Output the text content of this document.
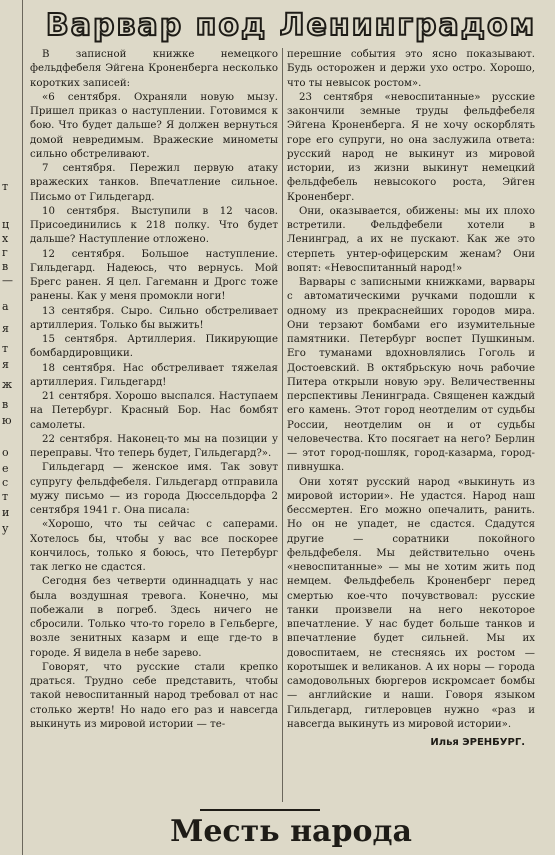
т
ц
х
г
в
—
а
я
т
я
ж
в
ю
о
е
с
т
и
у
Варвар под Ленинградом

В записной книжке немецкого фельдфебеля Эйгена Кроненберга несколько коротких записей:

«6 сентября. Охраняли новую мызу. Пришел приказ о наступлении. Готовимся к бою. Что будет дальше? Я должен вернуться домой невредимым. Вражеские минометы сильно обстреливают.

7 сентября. Пережил первую атаку вражеских танков. Впечатление сильное. Письмо от Гильдегард.

10 сентября. Выступили в 12 часов. Присоединились к 218 полку. Что будет дальше? Наступление отложено.

12 сентября. Большое наступление. Гильдегард. Надеюсь, что вернусь. Мой Брегс ранен. Я цел. Гагеманн и Дрогс тоже ранены. Как у меня промокли ноги!

13 сентября. Сыро. Сильно обстреливает артиллерия. Только бы выжить!

15 сентября. Артиллерия. Пикирующие бомбардировщики.

18 сентября. Нас обстреливает тяжелая артиллерия. Гильдегард!

21 сентября. Хорошо выспался. Наступаем на Петербург. Красный Бор. Нас бомбят самолеты.

22 сентября. Наконец-то мы на позиции у переправы. Что теперь будет, Гильдегард?».

Гильдегард — женское имя. Так зовут супругу фельдфебеля. Гильдегард отправила мужу письмо — из города Дюссельдорфа 2 сентября 1941 г. Она писала:

«Хорошо, что ты сейчас с саперами. Хотелось бы, чтобы у вас все поскорее кончилось, только я боюсь, что Петербург так легко не сдастся.

Сегодня без четверти одиннадцать у нас была воздушная тревога. Конечно, мы побежали в погреб. Здесь ничего не сбросили. Только что-то горело в Гельберге, возле зенитных казарм и еще где-то в городе. Я видела в небе зарево.

Говорят, что русские стали крепко драться. Трудно себе представить, чтобы такой невоспитанный народ требовал от нас столько жертв! Но надо его раз и навсегда выкинуть из мировой истории — те-

перешние события это ясно показывают. Будь осторожен и держи ухо остро. Хорошо, что ты невысок ростом».

23 сентября «невоспитанные» русские закончили земные труды фельдфебеля Эйгена Кроненберга. Я не хочу оскорблять горе его супруги, но она заслужила ответа: русский народ не выкинут из мировой истории, из жизни выкинут немецкий фельдфебель невысокого роста, Эйген Кроненберг.

Они, оказывается, обижены: мы их плохо встретили. Фельдфебели хотели в Ленинград, а их не пускают. Как же это стерпеть унтер-офицерским женам? Они вопят: «Невоспитанный народ!»

Варвары с записными книжками, варвары с автоматическими ручками подошли к одному из прекраснейших городов мира. Они терзают бомбами его изумительные памятники. Петербург воспет Пушкиным. Его туманами вдохновлялись Гоголь и Достоевский. В октябрьскую ночь рабочие Питера открыли новую эру. Величественны перспективы Ленинграда. Священен каждый его камень. Этот город неотделим от судьбы России, неотделим он и от судьбы человечества. Кто посягает на него? Берлин — этот город-пошляк, город-казарма, город-пивнушка.

Они хотят русский народ «выкинуть из мировой истории». Не удастся. Народ наш бессмертен. Его можно опечалить, ранить. Но он не упадет, не сдастся. Сдадутся другие — соратники покойного фельдфебеля. Мы действительно очень «невоспитанные» — мы не хотим жить под немцем. Фельдфебель Кроненберг перед смертью кое-что почувствовал: русские танки произвели на него некоторое впечатление. У нас будет больше танков и впечатление будет сильней. Мы их довоспитаем, не стесняясь их ростом — коротышек и великанов. А их норы — города самодовольных бюргеров искромсает бомбы — английские и наши. Говоря языком Гильдегард, гитлеровцев нужно «раз и навсегда выкинуть из мировой истории».

Илья ЭРЕНБУРГ.

Месть народа
